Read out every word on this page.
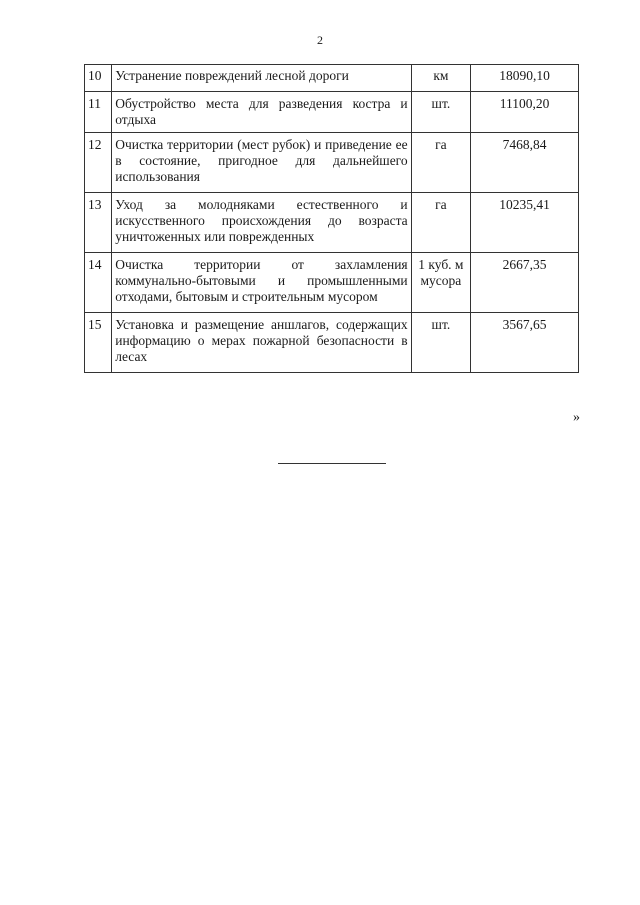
2
10	Устранение повреждений лесной дороги	км	18090,10
11	Обустройство места для разведения костра и отдыха	шт.	11100,20
12	Очистка территории (мест рубок) и приведение ее в состояние, пригодное для дальнейшего использования	га	7468,84
13	Уход за молодняками естественного и искусственного происхождения до возраста уничтоженных или поврежденных	га	10235,41
14	Очистка территории от захламления коммунально-бытовыми и промышленными отходами, бытовым и строительным мусором	1 куб. м мусора	2667,35
15	Установка и размещение аншлагов, содержащих информацию о мерах пожарной безопасности в лесах	шт.	3567,65
»
